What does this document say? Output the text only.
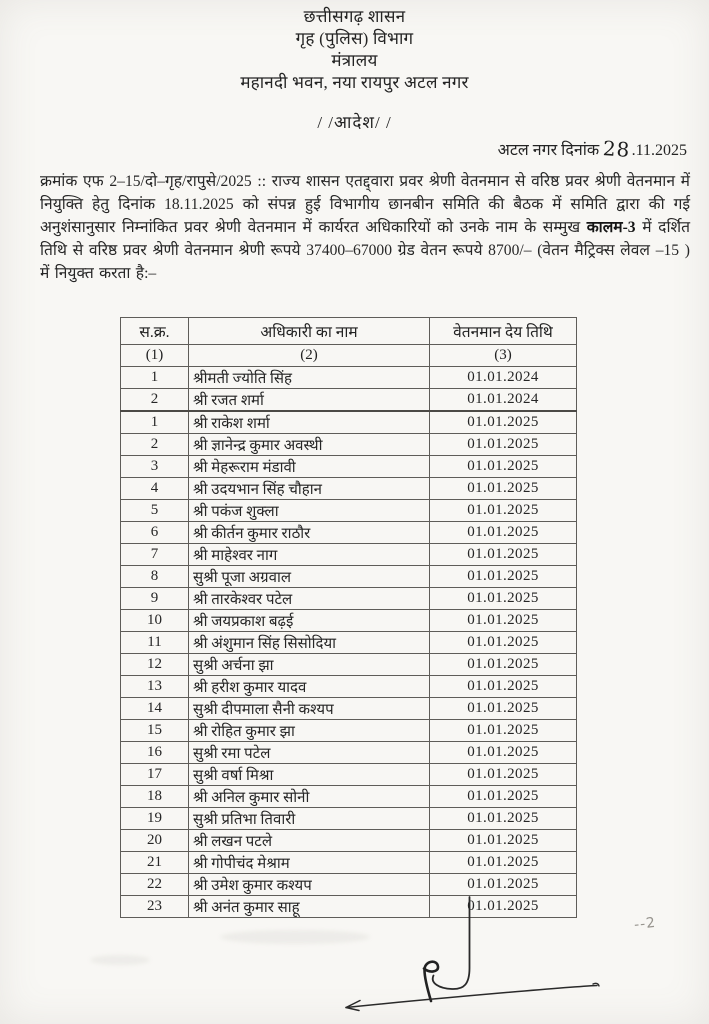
छत्तीसगढ़ शासन
गृह (पुलिस) विभाग
मंत्रालय
महानदी भवन, नया रायपुर अटल नगर
/ /आदेश/ /
अटल नगर दिनांक 28.11.2025
क्रमांक एफ 2–15/दो–गृह/रापुसे/2025 :: राज्य शासन एतद्द्वारा प्रवर श्रेणी वेतनमान से वरिष्ठ प्रवर श्रेणी वेतनमान में नियुक्ति हेतु दिनांक 18.11.2025 को संपन्न हुई विभागीय छानबीन समिति की बैठक में समिति द्वारा की गई अनुशंसानुसार निम्नांकित प्रवर श्रेणी वेतनमान में कार्यरत अधिकारियों को उनके नाम के सम्मुख कालम-3 में दर्शित तिथि से वरिष्ठ प्रवर श्रेणी वेतनमान श्रेणी रूपये 37400–67000 ग्रेड वेतन रूपये 8700/– (वेतन मैट्रिक्स लेवल –15 ) में नियुक्त करता है:–
स.क्र.	अधिकारी का नाम	वेतनमान देय तिथि
(1)	(2)	(3)
1	श्रीमती ज्योति सिंह	01.01.2024
2	श्री रजत शर्मा	01.01.2024
1	श्री राकेश शर्मा	01.01.2025
2	श्री ज्ञानेन्द्र कुमार अवस्थी	01.01.2025
3	श्री मेहरूराम मंडावी	01.01.2025
4	श्री उदयभान सिंह चौहान	01.01.2025
5	श्री पकंज शुक्ला	01.01.2025
6	श्री कीर्तन कुमार राठौर	01.01.2025
7	श्री माहेश्वर नाग	01.01.2025
8	सुश्री पूजा अग्रवाल	01.01.2025
9	श्री तारकेश्वर पटेल	01.01.2025
10	श्री जयप्रकाश बढ़ई	01.01.2025
11	श्री अंशुमान सिंह सिसोदिया	01.01.2025
12	सुश्री अर्चना झा	01.01.2025
13	श्री हरीश कुमार यादव	01.01.2025
14	सुश्री दीपमाला सैनी कश्यप	01.01.2025
15	श्री रोहित कुमार झा	01.01.2025
16	सुश्री रमा पटेल	01.01.2025
17	सुश्री वर्षा मिश्रा	01.01.2025
18	श्री अनिल कुमार सोनी	01.01.2025
19	सुश्री प्रतिभा तिवारी	01.01.2025
20	श्री लखन पटले	01.01.2025
21	श्री गोपीचंद मेश्राम	01.01.2025
22	श्री उमेश कुमार कश्यप	01.01.2025
23	श्री अनंत कुमार साहू	01.01.2025
--2
